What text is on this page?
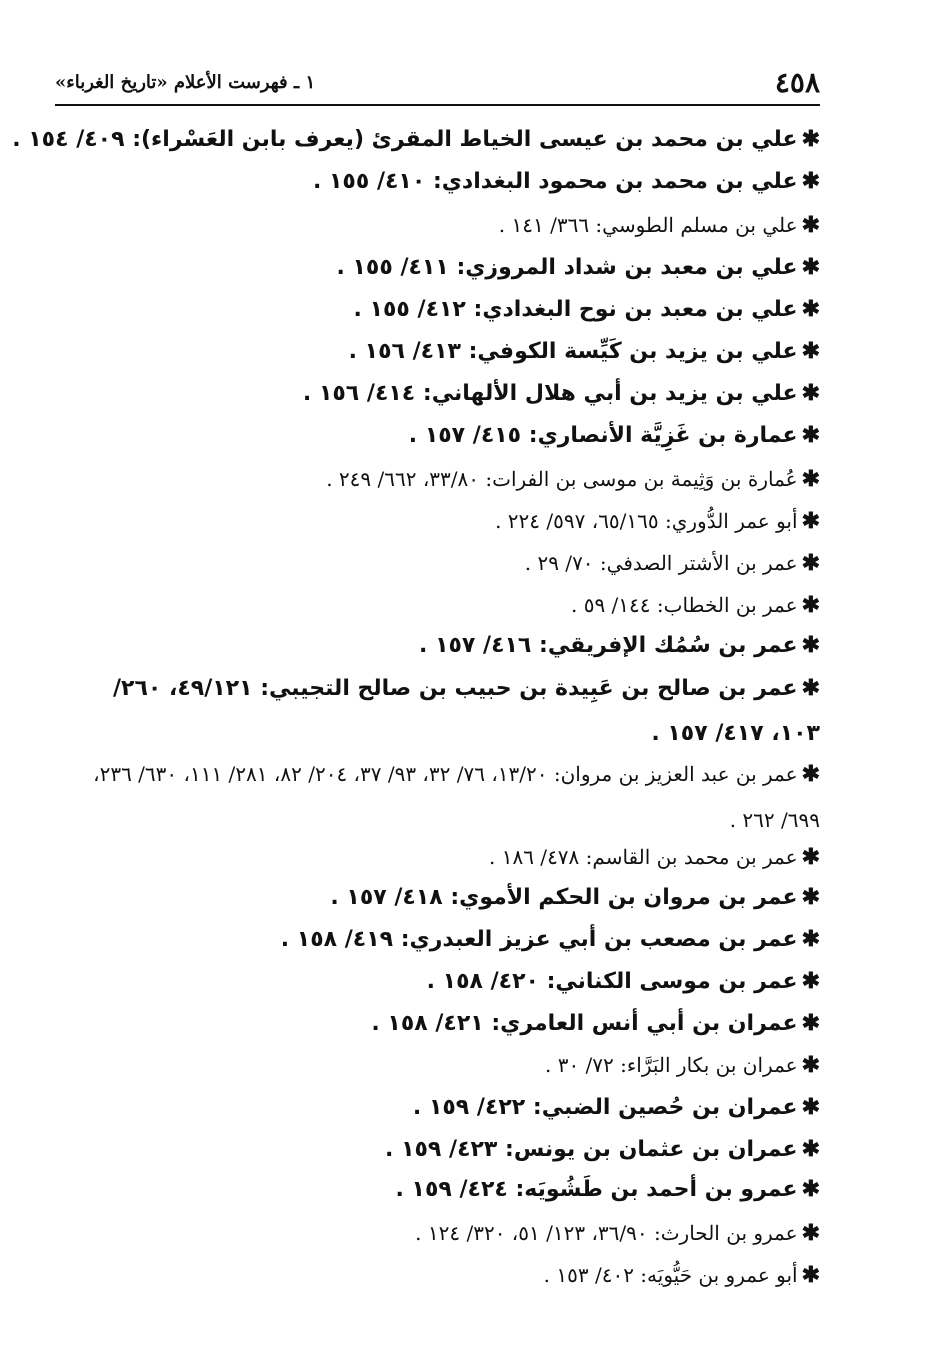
٤٥٨
١ ـ فهرست الأعلام «تاريخ الغرباء»
✱علي بن محمد بن عيسى الخياط المقرئ (يعرف بابن العَسْراء): ٤٠٩/ ١٥٤ .
✱علي بن محمد بن محمود البغدادي: ٤١٠/ ١٥٥ .
✱علي بن مسلم الطوسي: ٣٦٦/ ١٤١ .
✱علي بن معبد بن شداد المروزي: ٤١١/ ١٥٥ .
✱علي بن معبد بن نوح البغدادي: ٤١٢/ ١٥٥ .
✱علي بن يزيد بن كَيِّسة الكوفي: ٤١٣/ ١٥٦ .
✱علي بن يزيد بن أبي هلال الألهاني: ٤١٤/ ١٥٦ .
✱عمارة بن غَزِيَّة الأنصاري: ٤١٥/ ١٥٧ .
✱عُمارة بن وَثِيمة بن موسى بن الفرات: ٣٣/٨٠، ٦٦٢/ ٢٤٩ .
✱أبو عمر الدُّوري: ٦٥/١٦٥، ٥٩٧/ ٢٢٤ .
✱عمر بن الأشتر الصدفي: ٧٠/ ٢٩ .
✱عمر بن الخطاب: ١٤٤/ ٥٩ .
✱عمر بن سُمُك الإفريقي: ٤١٦/ ١٥٧ .
✱عمر بن صالح بن عَبِيدة بن حبيب بن صالح التجيبي: ٤٩/١٢١، ٢٦٠/ ١٠٣، ٤١٧/ ١٥٧ .
✱عمر بن عبد العزيز بن مروان: ١٣/٢٠، ٧٦/ ٣٢، ٩٣/ ٣٧، ٢٠٤/ ٨٢، ٢٨١/ ١١١، ٦٣٠/ ٢٣٦، ٦٩٩/ ٢٦٢ .
✱عمر بن محمد بن القاسم: ٤٧٨/ ١٨٦ .
✱عمر بن مروان بن الحكم الأموي: ٤١٨/ ١٥٧ .
✱عمر بن مصعب بن أبي عزيز العبدري: ٤١٩/ ١٥٨ .
✱عمر بن موسى الكناني: ٤٢٠/ ١٥٨ .
✱عمران بن أبي أنس العامري: ٤٢١/ ١٥٨ .
✱عمران بن بكار البَرَّاء: ٧٢/ ٣٠ .
✱عمران بن حُصين الضبي: ٤٢٢/ ١٥٩ .
✱عمران بن عثمان بن يونس: ٤٢٣/ ١٥٩ .
✱عمرو بن أحمد بن طَشُويَه: ٤٢٤/ ١٥٩ .
✱عمرو بن الحارث: ٣٦/٩٠، ١٢٣/ ٥١، ٣٢٠/ ١٢٤ .
✱أبو عمرو بن حَيُّويَه: ٤٠٢/ ١٥٣ .
